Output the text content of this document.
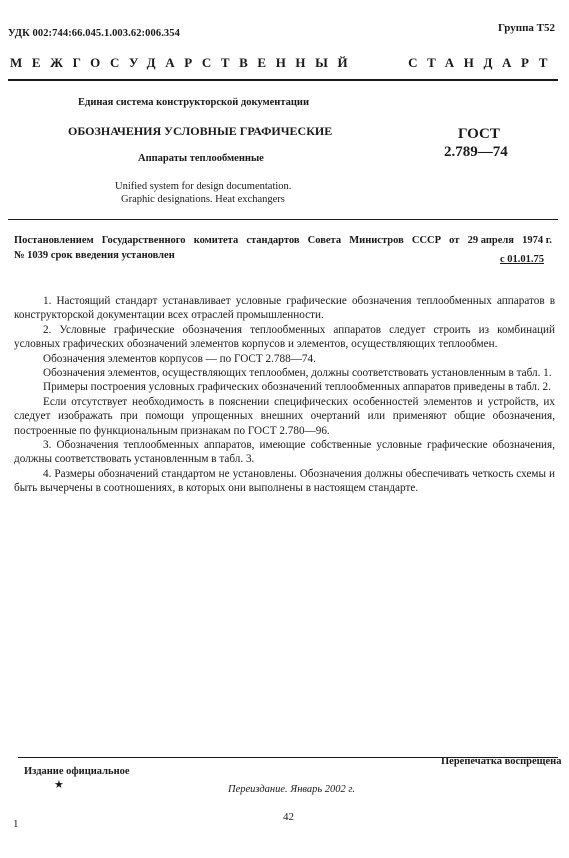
УДК 002:744:66.045.1.003.62:006.354	Группа Т52
МЕЖГОСУДАРСТВЕННЫЙ	СТАНДАРТ
Единая система конструкторской документации
ОБОЗНАЧЕНИЯ УСЛОВНЫЕ ГРАФИЧЕСКИЕ
Аппараты теплообменные
ГОСТ
2.789—74
Unified system for design documentation.
Graphic designations. Heat exchangers
Постановлением Государственного комитета стандартов Совета Министров СССР от 29 апреля 1974 г.
№ 1039 срок введения установлен	с 01.01.75

1. Настоящий стандарт устанавливает условные графические обозначения теплообменных аппаратов в конструкторской документации всех отраслей промышленности.

2. Условные графические обозначения теплообменных аппаратов следует строить из комбинаций условных графических обозначений элементов корпусов и элементов, осуществляющих теплообмен.

Обозначения элементов корпусов — по ГОСТ 2.788—74.

Обозначения элементов, осуществляющих теплообмен, должны соответствовать установленным в табл. 1.

Примеры построения условных графических обозначений теплообменных аппаратов приведены в табл. 2.

Если отсутствует необходимость в пояснении специфических особенностей элементов и устройств, их следует изображать при помощи упрощенных внешних очертаний или применяют общие обозначения, построенные по функциональным признакам по ГОСТ 2.780—96.

3. Обозначения теплообменных аппаратов, имеющие собственные условные графические обозначения, должны соответствовать установленным в табл. 3.

4. Размеры обозначений стандартом не установлены. Обозначения должны обеспечивать четкость схемы и быть вычерчены в соотношениях, в которых они выполнены в настоящем стандарте.

Издание официальное
Перепечатка воспрещена
★	Переиздание. Январь 2002 г.
42
1
